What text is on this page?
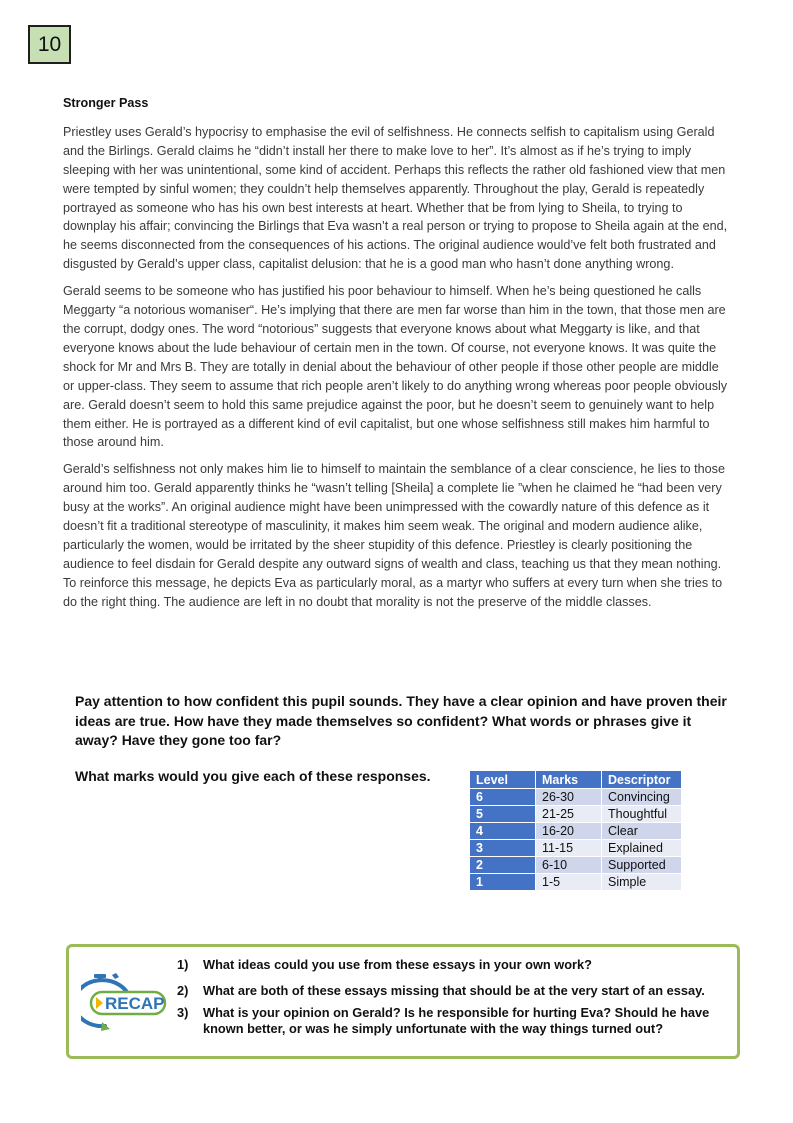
10
Stronger Pass

Priestley uses Gerald’s hypocrisy to emphasise the evil of selfishness. He connects selfish to capitalism using Gerald and the Birlings. Gerald claims he “didn’t install her there to make love to her”. It’s almost as if he’s trying to imply sleeping with her was unintentional, some kind of accident. Perhaps this reflects the rather old fashioned view that men were tempted by sinful women; they couldn’t help themselves apparently. Throughout the play, Gerald is repeatedly portrayed as someone who has his own best interests at heart. Whether that be from lying to Sheila, to trying to downplay his affair; convincing the Birlings that Eva wasn’t a real person or trying to propose to Sheila again at the end, he seems disconnected from the consequences of his actions. The original audience would’ve felt both frustrated and disgusted by Gerald’s upper class, capitalist delusion: that he is a good man who hasn’t done anything wrong.

Gerald seems to be someone who has justified his poor behaviour to himself. When he’s being questioned he calls Meggarty “a notorious womaniser“. He’s implying that there are men far worse than him in the town, that those men are the corrupt, dodgy ones. The word “notorious” suggests that everyone knows about what Meggarty is like, and that everyone knows about the lude behaviour of certain men in the town. Of course, not everyone knows. It was quite the shock for Mr and Mrs B. They are totally in denial about the behaviour of other people if those other people are middle or upper-class. They seem to assume that rich people aren’t likely to do anything wrong whereas poor people obviously are. Gerald doesn’t seem to hold this same prejudice against the poor, but he doesn’t seem to genuinely want to help them either. He is portrayed as a different kind of evil capitalist, but one whose selfishness still makes him harmful to those around him.

Gerald’s selfishness not only makes him lie to himself to maintain the semblance of a clear conscience, he lies to those around him too. Gerald apparently thinks he “wasn’t telling [Sheila] a complete lie ”when he claimed he “had been very busy at the works”. An original audience might have been unimpressed with the cowardly nature of this defence as it doesn’t fit a traditional stereotype of masculinity, it makes him seem weak. The original and modern audience alike, particularly the women, would be irritated by the sheer stupidity of this defence. Priestley is clearly positioning the audience to feel disdain for Gerald despite any outward signs of wealth and class, teaching us that they mean nothing. To reinforce this message, he depicts Eva as particularly moral, as a martyr who suffers at every turn when she tries to do the right thing. The audience are left in no doubt that morality is not the preserve of the middle classes.

Pay attention to how confident this pupil sounds. They have a clear opinion and have proven their ideas are true. How have they made themselves so confident? What words or phrases give it away? Have they gone too far?
What marks would you give each of these responses.	Level	Marks	Descriptor
6	26-30	Convincing
5	21-25	Thoughtful
4	16-20	Clear
3	11-15	Explained
2	6-10	Supported
1	1-5	Simple
RECAP
1)	What ideas could you use from these essays in your own work?
2)	What are both of these essays missing that should be at the very start of an essay.
3)	What is your opinion on Gerald? Is he responsible for hurting Eva? Should he have known better, or was he simply unfortunate with the way things turned out?
